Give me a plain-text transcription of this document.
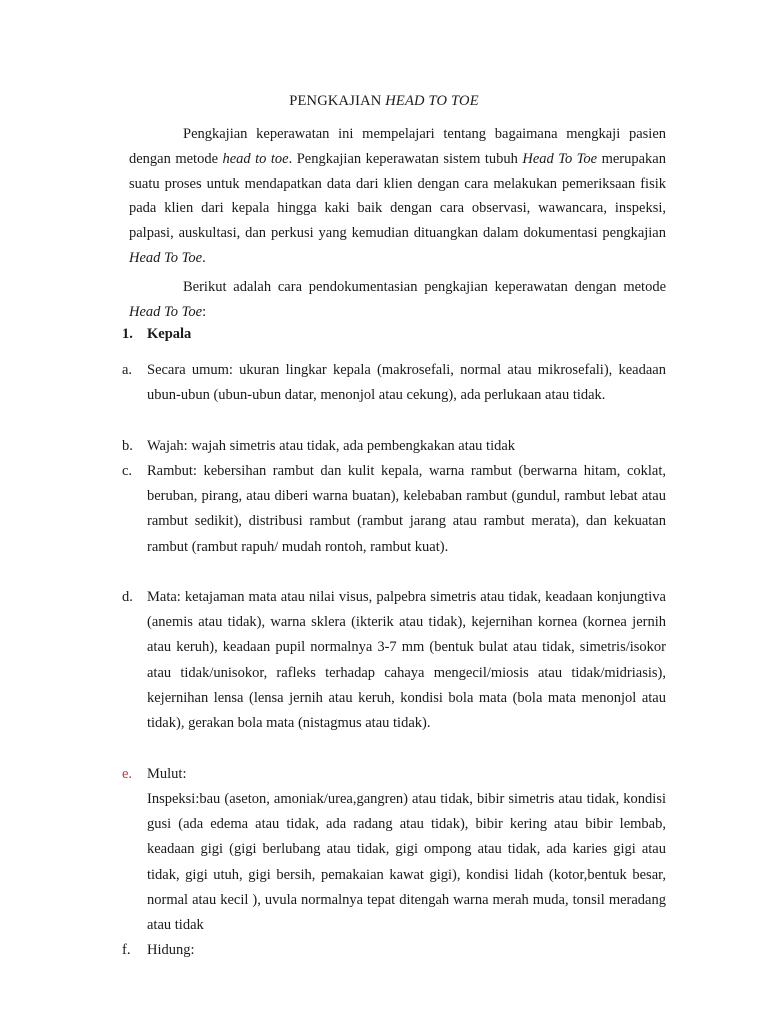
PENGKAJIAN HEAD TO TOE
Pengkajian keperawatan ini mempelajari tentang bagaimana mengkaji pasien dengan metode head to toe. Pengkajian keperawatan sistem tubuh Head To Toe merupakan suatu proses untuk mendapatkan data dari klien dengan cara melakukan pemeriksaan fisik pada klien dari kepala hingga kaki baik dengan cara observasi, wawancara, inspeksi, palpasi, auskultasi, dan perkusi yang kemudian dituangkan dalam dokumentasi pengkajian Head To Toe.
Berikut adalah cara pendokumentasian pengkajian keperawatan dengan metode Head To Toe:
1. Kepala
a.	Secara umum: ukuran lingkar kepala (makrosefali, normal atau mikrosefali), keadaan ubun-ubun (ubun-ubun datar, menonjol atau cekung), ada perlukaan atau tidak.
b. Wajah: wajah simetris atau tidak, ada pembengkakan atau tidak
c.	Rambut: kebersihan rambut dan kulit kepala, warna rambut (berwarna hitam, coklat, beruban, pirang, atau diberi warna buatan), kelebaban rambut (gundul, rambut lebat atau rambut sedikit), distribusi rambut (rambut jarang atau rambut merata), dan kekuatan rambut (rambut rapuh/ mudah rontoh, rambut kuat).
d. Mata: ketajaman mata atau nilai visus, palpebra simetris atau tidak, keadaan konjungtiva (anemis atau tidak), warna sklera (ikterik atau tidak), kejernihan kornea (kornea jernih atau keruh), keadaan pupil normalnya 3-7 mm (bentuk bulat atau tidak, simetris/isokor atau tidak/unisokor, rafleks terhadap cahaya mengecil/miosis atau tidak/midriasis), kejernihan lensa (lensa jernih atau keruh, kondisi bola mata (bola mata menonjol atau tidak), gerakan bola mata (nistagmus atau tidak).
e.	Mulut:
Inspeksi:bau (aseton, amoniak/urea,gangren) atau tidak, bibir simetris atau tidak, kondisi gusi (ada edema atau tidak, ada radang atau tidak), bibir kering atau bibir lembab, keadaan gigi (gigi berlubang atau tidak, gigi ompong atau tidak, ada karies gigi atau tidak, gigi utuh, gigi bersih, pemakaian kawat gigi), kondisi lidah (kotor,bentuk besar, normal atau kecil ), uvula normalnya tepat ditengah warna merah muda, tonsil meradang atau tidak
f.	Hidung:
